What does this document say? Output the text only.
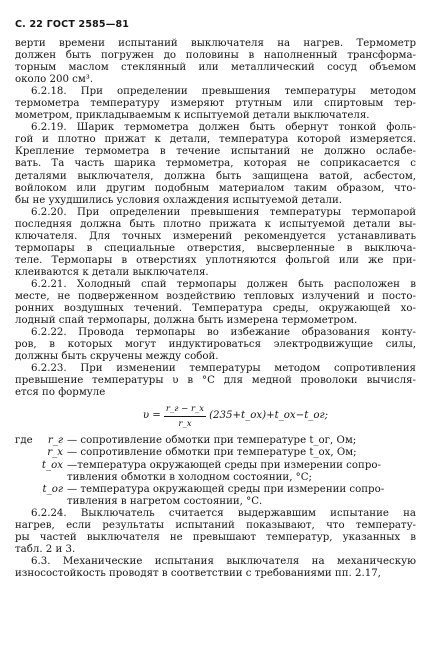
С. 22 ГОСТ 2585—81

верти времени испытаний выключателя на нагрев. Термометр
должен быть погружен до половины в наполненный трансформа-
торным маслом стеклянный или металлический сосуд объемом
около 200 см³.

6.2.18. При определении превышения температуры методом
термометра температуру измеряют ртутным или спиртовым тер-
мометром, прикладываемым к испытуемой детали выключателя.

6.2.19. Шарик термометра должен быть обернут тонкой фоль-
гой и плотно прижат к детали, температура которой измеряется.
Крепление термометра в течение испытаний не должно ослабе-
вать. Та часть шарика термометра, которая не соприкасается с
деталями выключателя, должна быть защищена ватой, асбестом,
войлоком или другим подобным материалом таким образом, что-
бы не ухудшились условия охлаждения испытуемой детали.

6.2.20. При определении превышения температуры термопарой
последняя должна быть плотно прижата к испытуемой детали вы-
ключателя. Для точных измерений рекомендуется устанавливать
термопары в специальные отверстия, высверленные в выключа-
теле. Термопары в отверстиях уплотняются фольгой или же при-
клеиваются к детали выключателя.

6.2.21. Холодный спай термопары должен быть расположен в
месте, не подверженном воздействию тепловых излучений и посто-
ронних воздушных течений. Температура среды, окружающей хо-
лодный спай термопары, должна быть измерена термометром.

6.2.22. Провода термопары во избежание образования конту-
ров, в которых могут индуктироваться электродвижущие силы,
должны быть скручены между собой.

6.2.23. При изменении температуры методом сопротивления
превышение температуры υ в °С для медной проволоки вычисля-
ется по формуле

$\upsilon = \frac{r\_г - r\_х}{r\_х}$ (235+t_ох)+t_ох−t_ог;
где	r_г — сопротивление обмотки при температуре t_ог, Ом;
r_х — сопротивление обмотки при температуре t_ох, Ом;
t_ох —температура окружающей среды при измерении сопро-
тивления обмотки в холодном состоянии, °С;
t_ог — температура окружающей среды при измерении сопро-
тивления в нагретом состоянии, °С.

6.2.24. Выключатель считается выдержавшим испытание на
нагрев, если результаты испытаний показывают, что температу-
ры частей выключателя не превышают температур, указанных в
табл. 2 и 3.

6.3. Механические испытания выключателя на механическую
износостойкость проводят в соответствии с требованиями пп. 2.17,
